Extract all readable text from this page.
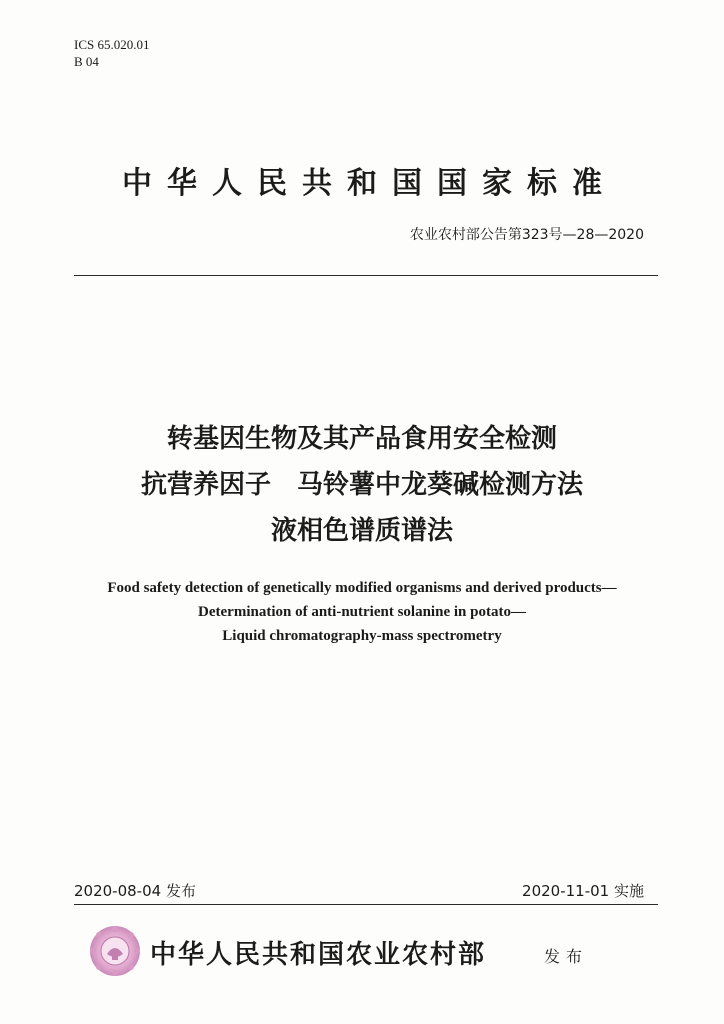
ICS 65.020.01
B 04
中华人民共和国国家标准
农业农村部公告第323号—28—2020
转基因生物及其产品食用安全检测
抗营养因子　马铃薯中龙葵碱检测方法
液相色谱质谱法
Food safety detection of genetically modified organisms and derived products—
Determination of anti-nutrient solanine in potato—
Liquid chromatography-mass spectrometry
2020-08-04 发布	2020-11-01 实施
中华人民共和国农业农村部	发布
